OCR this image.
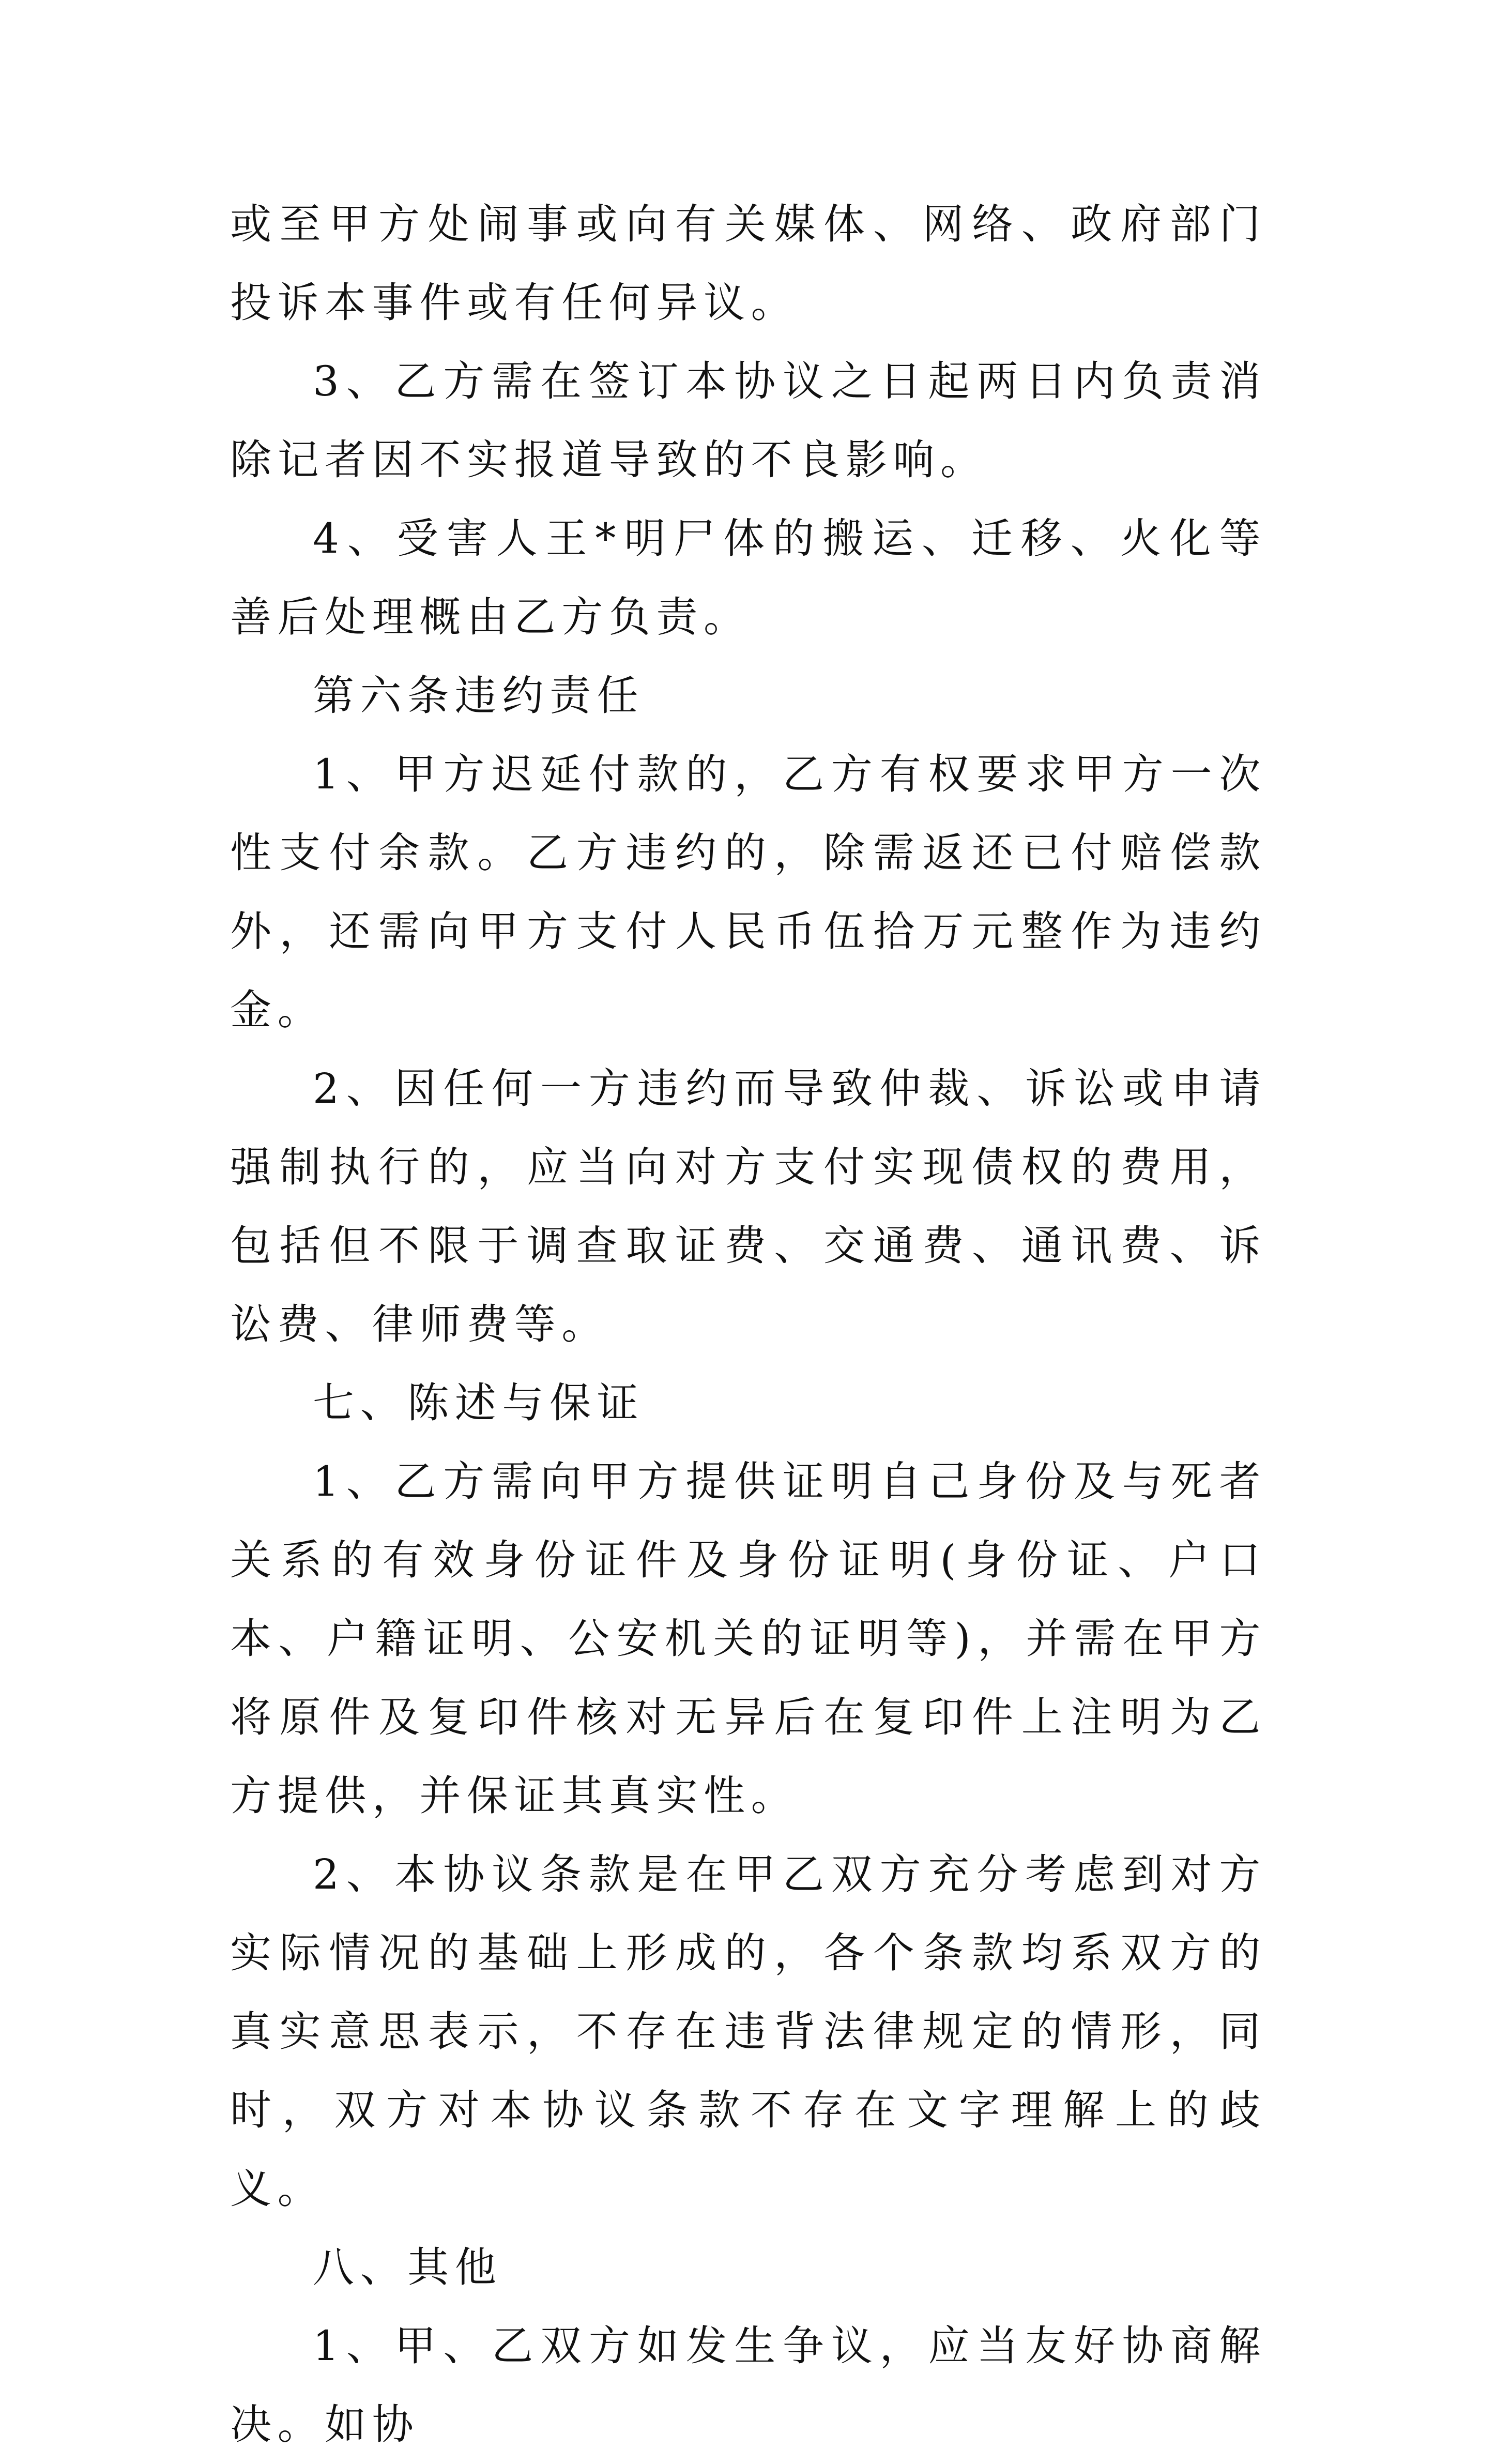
或至甲方处闹事或向有关媒体、网络、政府部门投诉本事件或有任何异议。

3、乙方需在签订本协议之日起两日内负责消除记者因不实报道导致的不良影响。

4、受害人王*明尸体的搬运、迁移、火化等善后处理概由乙方负责。

第六条违约责任

1、甲方迟延付款的，乙方有权要求甲方一次性支付余款。乙方违约的，除需返还已付赔偿款外，还需向甲方支付人民币伍拾万元整作为违约金。

2、因任何一方违约而导致仲裁、诉讼或申请强制执行的，应当向对方支付实现债权的费用，包括但不限于调查取证费、交通费、通讯费、诉讼费、律师费等。

七、陈述与保证

1、乙方需向甲方提供证明自己身份及与死者关系的有效身份证件及身份证明(身份证、户口本、户籍证明、公安机关的证明等)，并需在甲方将原件及复印件核对无异后在复印件上注明为乙方提供，并保证其真实性。

2、本协议条款是在甲乙双方充分考虑到对方实际情况的基础上形成的，各个条款均系双方的真实意思表示，不存在违背法律规定的情形，同时，双方对本协议条款不存在文字理解上的歧义。

八、其他

1、甲、乙双方如发生争议，应当友好协商解决。如协
